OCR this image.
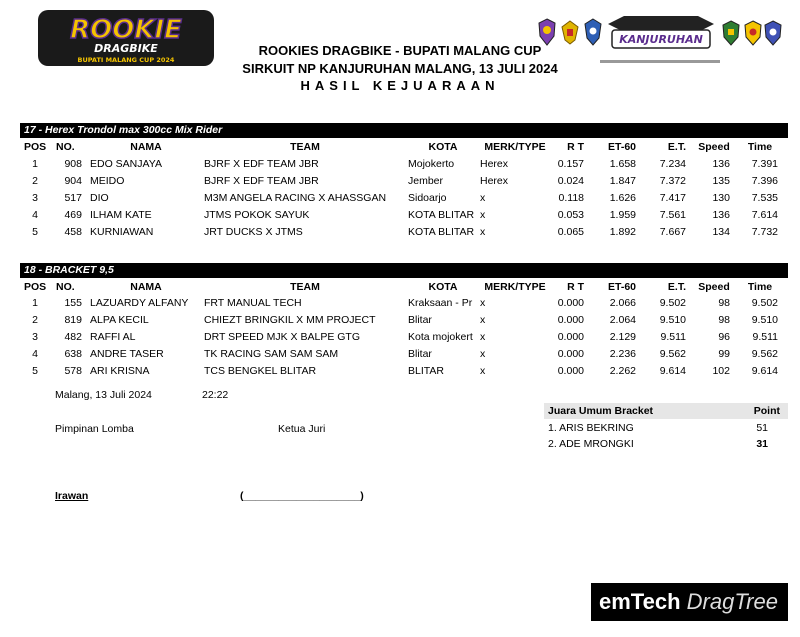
ROOKIE
DRAGBIKE
BUPATI MALANG CUP 2024
ROOKIES DRAGBIKE - BUPATI MALANG CUP
SIRKUIT NP KANJURUHAN MALANG, 13 JULI 2024
HASIL KEJUARAAN
KANJURUHAN
17 - Herex Trondol max 300cc Mix Rider
POS NO.	NAMA	TEAM	KOTA	MERK/TYPE	R T	ET-60	E.T.	Speed	Time
1	908 EDO SANJAYA	BJRF X EDF TEAM JBR	Mojokerto	Herex	0.157	1.658	7.234	136	7.391
2	904 MEIDO	BJRF X EDF TEAM JBR	Jember	Herex	0.024	1.847	7.372	135	7.396
3	517 DIO	M3M ANGELA RACING X AHASSGAN	Sidoarjo	x	0.118	1.626	7.417	130	7.535
4	469 ILHAM KATE	JTMS POKOK SAYUK	KOTA BLITAR x	0.053	1.959	7.561	136	7.614
5	458 KURNIAWAN	JRT DUCKS X JTMS	KOTA BLITAR x	0.065	1.892	7.667	134	7.732
18 - BRACKET 9,5
POS NO.	NAMA	TEAM	KOTA	MERK/TYPE	R T	ET-60	E.T.	Speed	Time
1	155 LAZUARDY ALFANY	FRT MANUAL TECH	Kraksaan - Pr x	0.000	2.066	9.502	98	9.502
2	819 ALPA KECIL	CHIEZT BRINGKIL X MM PROJECT	Blitar	x	0.000	2.064	9.510	98	9.510
3	482 RAFFI AL	DRT SPEED MJK X BALPE GTG	Kota mojokert x	0.000	2.129	9.511	96	9.511
4	638 ANDRE TASER	TK RACING SAM SAM SAM	Blitar	x	0.000	2.236	9.562	99	9.562
5	578 ARI KRISNA	TCS BENGKEL BLITAR	BLITAR	x	0.000	2.262	9.614	102	9.614
Malang, 13 Juli 2024	22:22
Pimpinan Lomba	Ketua Juri
Irawan	(____________________)
Juara Umum Bracket	Point
1. ARIS BEKRING	51
2. ADE MRONGKI	31
emTech DragTree
